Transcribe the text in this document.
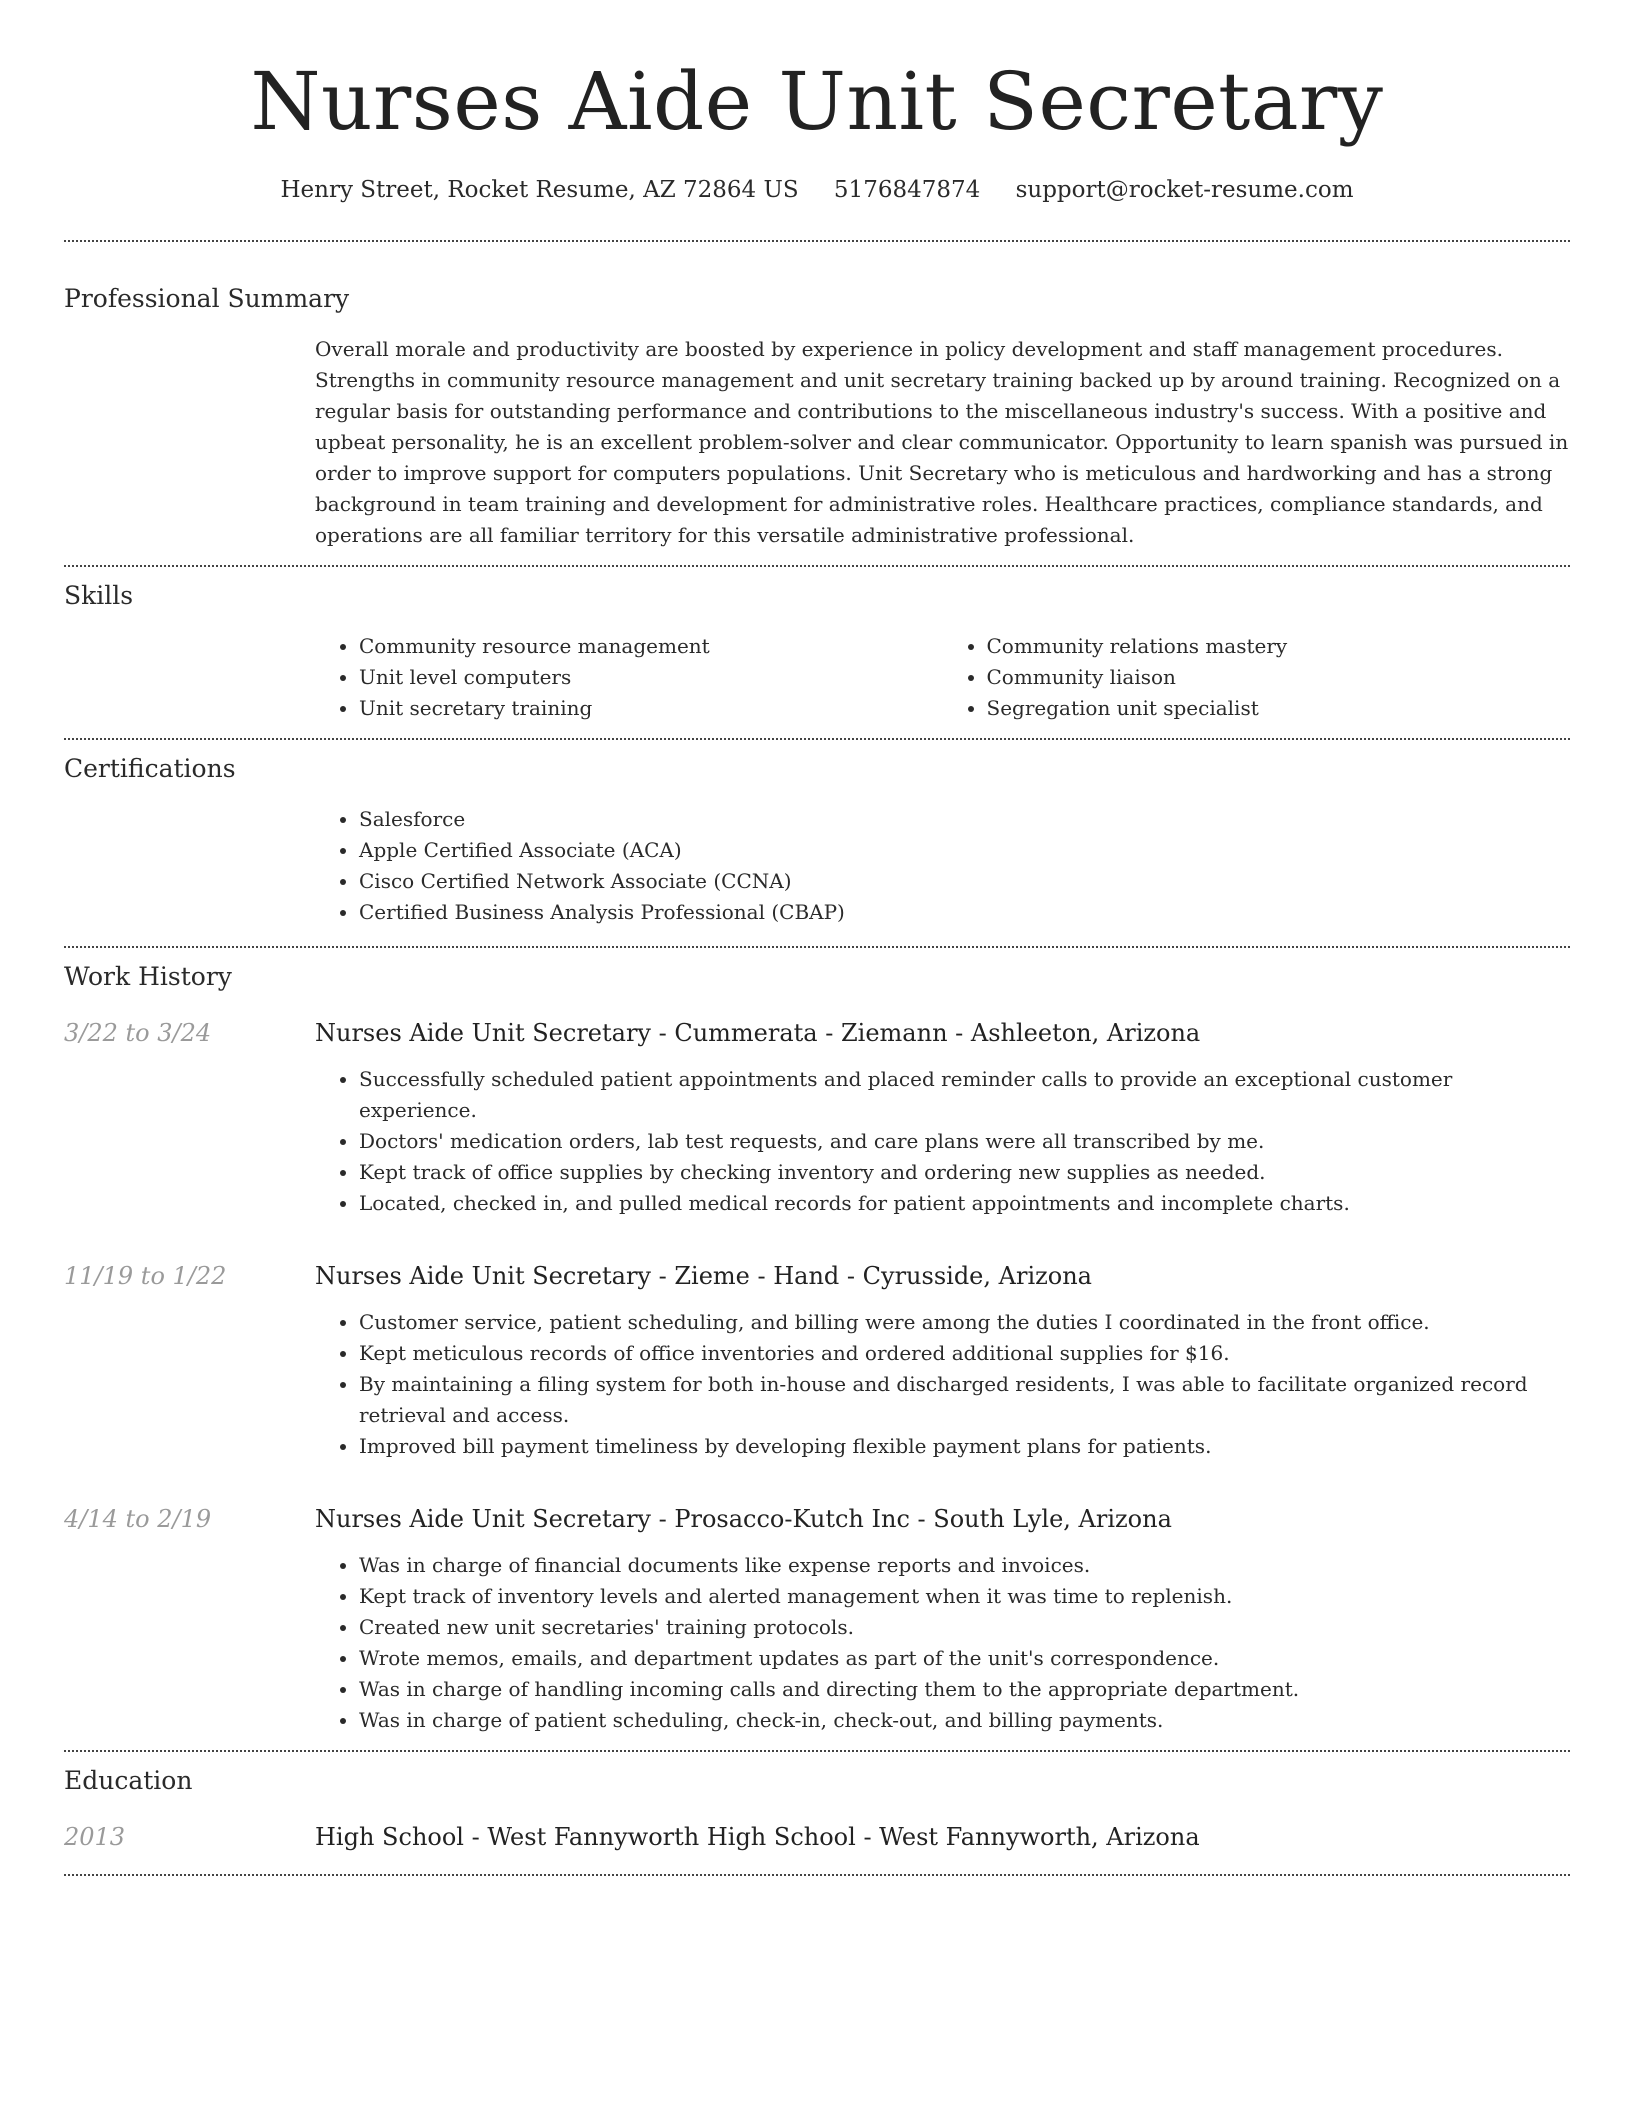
Nurses Aide Unit Secretary
Henry Street, Rocket Resume, AZ 72864 US 5176847874 support@rocket-resume.com
Professional Summary
Overall morale and productivity are boosted by experience in policy development and staff management procedures. Strengths in community resource management and unit secretary training backed up by around training. Recognized on a regular basis for outstanding performance and contributions to the miscellaneous industry's success. With a positive and upbeat personality, he is an excellent problem-solver and clear communicator. Opportunity to learn spanish was pursued in order to improve support for computers populations. Unit Secretary who is meticulous and hardworking and has a strong background in team training and development for administrative roles. Healthcare practices, compliance standards, and operations are all familiar territory for this versatile administrative professional.
Skills
• Community resource management
• Unit level computers
• Unit secretary training
• Community relations mastery
• Community liaison
• Segregation unit specialist
Certifications
• Salesforce
• Apple Certified Associate (ACA)
• Cisco Certified Network Associate (CCNA)
• Certified Business Analysis Professional (CBAP)
Work History
3/22 to 3/24	Nurses Aide Unit Secretary - Cummerata - Ziemann - Ashleeton, Arizona
• Successfully scheduled patient appointments and placed reminder calls to provide an exceptional customer experience.
• Doctors' medication orders, lab test requests, and care plans were all transcribed by me.
• Kept track of office supplies by checking inventory and ordering new supplies as needed.
• Located, checked in, and pulled medical records for patient appointments and incomplete charts.
11/19 to 1/22	Nurses Aide Unit Secretary - Zieme - Hand - Cyrusside, Arizona
• Customer service, patient scheduling, and billing were among the duties I coordinated in the front office.
• Kept meticulous records of office inventories and ordered additional supplies for $16.
• By maintaining a filing system for both in-house and discharged residents, I was able to facilitate organized record retrieval and access.
• Improved bill payment timeliness by developing flexible payment plans for patients.
4/14 to 2/19	Nurses Aide Unit Secretary - Prosacco-Kutch Inc - South Lyle, Arizona
• Was in charge of financial documents like expense reports and invoices.
• Kept track of inventory levels and alerted management when it was time to replenish.
• Created new unit secretaries' training protocols.
• Wrote memos, emails, and department updates as part of the unit's correspondence.
• Was in charge of handling incoming calls and directing them to the appropriate department.
• Was in charge of patient scheduling, check-in, check-out, and billing payments.
Education
2013	High School - West Fannyworth High School - West Fannyworth, Arizona
